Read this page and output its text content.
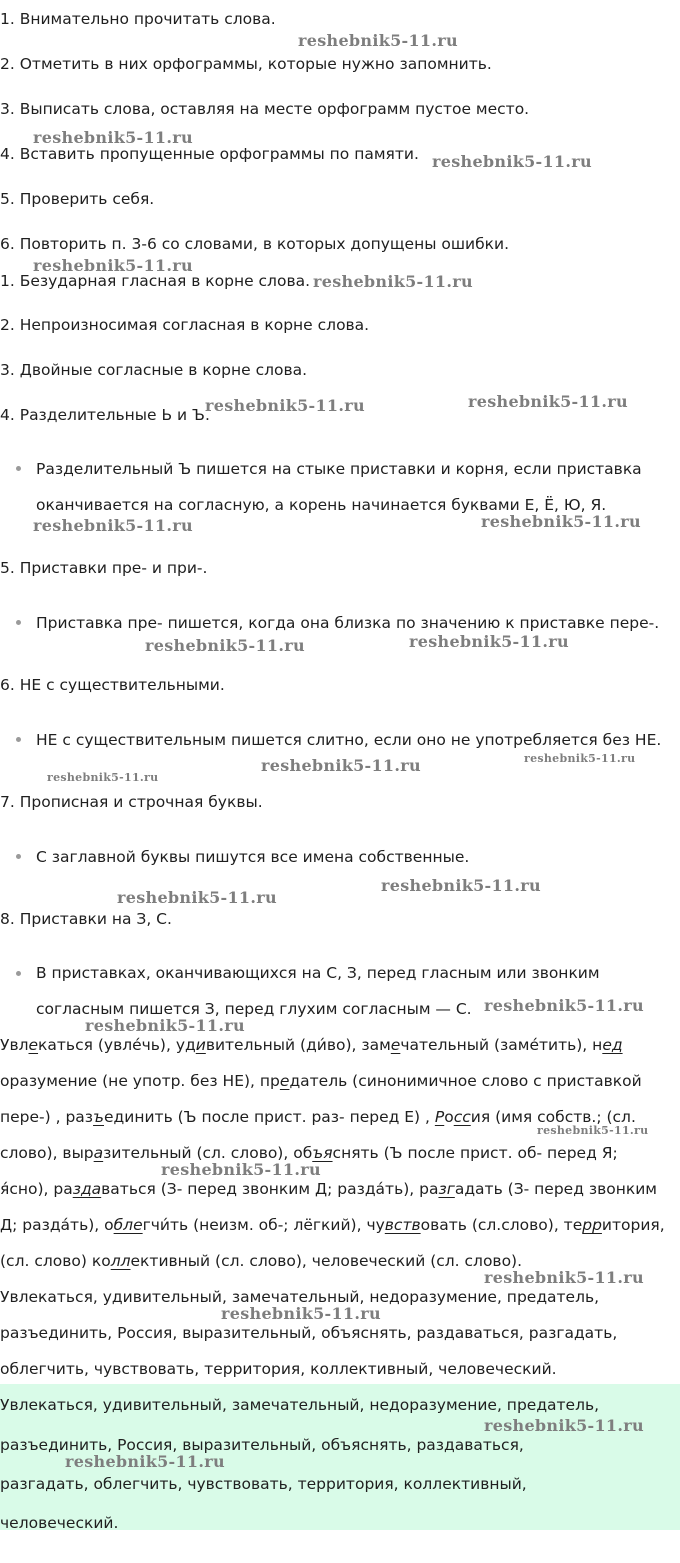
1. Внимательно прочитать слова.
2. Отметить в них орфограммы, которые нужно запомнить.
3. Выписать слова, оставляя на месте орфограмм пустое место.
4. Вставить пропущенные орфограммы по памяти.
5. Проверить себя.
6. Повторить п. 3-6 со словами, в которых допущены ошибки.
1. Безударная гласная в корне слова.
2. Непроизносимая согласная в корне слова.
3. Двойные согласные в корне слова.
4. Разделительные Ь и Ъ.
Разделительный Ъ пишется на стыке приставки и корня, если приставка
оканчивается на согласную, а корень начинается буквами Е, Ё, Ю, Я.
5. Приставки пре- и при-.
Приставка пре- пишется, когда она близка по значению к приставке пере-.
6. НЕ с существительными.
НЕ с существительным пишется слитно, если оно не употребляется без НЕ.
7. Прописная и строчная буквы.
С заглавной буквы пишутся все имена собственные.
8. Приставки на З, С.
В приставках, оканчивающихся на С, З, перед гласным или звонким
согласным пишется З, перед глухим согласным — С.
Увлекаться (увлéчь), удивительный (ди́во), замечательный (замéтить), нед
оразумение (не употр. без НЕ), предатель (синонимичное слово с приставкой
пере-) , разъединить (Ъ после прист. раз- перед Е) , Россия (имя собств.; (сл.
слово), выразительный (сл. слово), объяснять (Ъ после прист. об- перед Я;
я́сно), раздаваться (З- перед звонким Д; раздáть), разгадать (З- перед звонким
Д; раздáть), облегчи́ть (неизм. об-; лёгкий), чувствовать (сл.слово), территория,
(сл. слово) коллективный (сл. слово), человеческий (сл. слово).
Увлекаться, удивительный, замечательный, недоразумение, предатель,
разъединить, Россия, выразительный, объяснять, раздаваться, разгадать,
облегчить, чувствовать, территория, коллективный, человеческий.
Увлекаться, удивительный, замечательный, недоразумение, предатель,
разъединить, Россия, выразительный, объяснять, раздаваться,
разгадать, облегчить, чувствовать, территория, коллективный,
человеческий.
reshebnik5-11.ru
reshebnik5-11.ru
reshebnik5-11.ru
reshebnik5-11.ru
reshebnik5-11.ru
reshebnik5-11.ru	reshebnik5-11.ru
reshebnik5-11.ru	reshebnik5-11.ru
reshebnik5-11.ru	reshebnik5-11.ru
reshebnik5-11.ru
reshebnik5-11.ru	reshebnik5-11.ru
reshebnik5-11.ru
reshebnik5-11.ru
reshebnik5-11.ru
reshebnik5-11.ru
reshebnik5-11.ru
reshebnik5-11.ru
reshebnik5-11.ru
reshebnik5-11.ru
reshebnik5-11.ru
reshebnik5-11.ru
